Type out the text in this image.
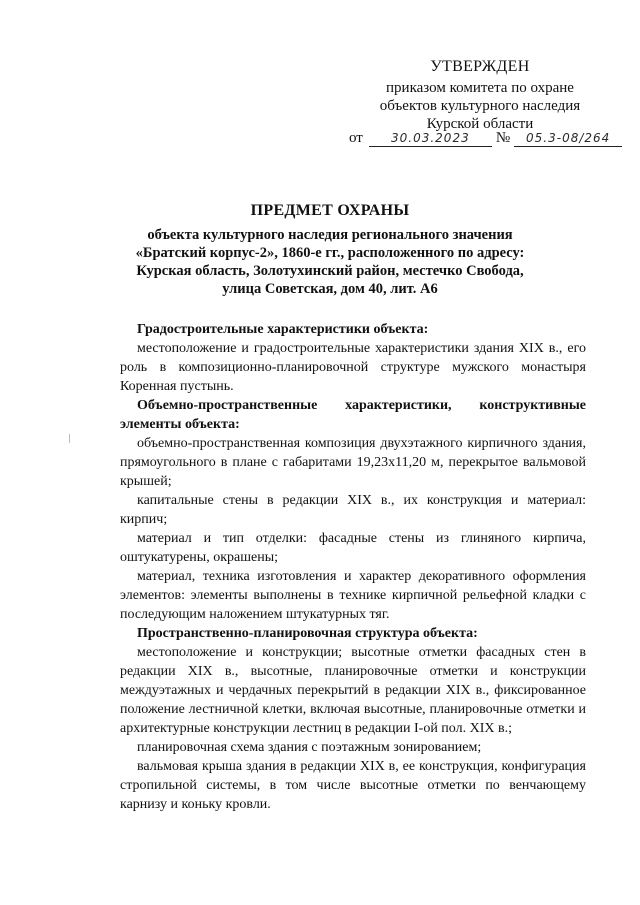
УТВЕРЖДЕН
приказом комитета по охране
объектов культурного наследия
Курской области
от	30.03.2023	№	05.3-08/264
ПРЕДМЕТ ОХРАНЫ
объекта культурного наследия регионального значения
«Братский корпус-2», 1860-е гг., расположенного по адресу:
Курская область, Золотухинский район, местечко Свобода,
улица Советская, дом 40, лит. А6

Градостроительные характеристики объекта:

местоположение и градостроительные характеристики здания XIX в., его роль в композиционно-планировочной структуре мужского монастыря Коренная пустынь.

Объемно-пространственные характеристики, конструктивные элементы объекта:

объемно-пространственная композиция двухэтажного кирпичного здания, прямоугольного в плане с габаритами 19,23х11,20 м, перекрытое вальмовой крышей;

капитальные стены в редакции XIX в., их конструкция и материал: кирпич;

материал и тип отделки: фасадные стены из глиняного кирпича, оштукатурены, окрашены;

материал, техника изготовления и характер декоративного оформления элементов: элементы выполнены в технике кирпичной рельефной кладки с последующим наложением штукатурных тяг.

Пространственно-планировочная структура объекта:

местоположение и конструкции; высотные отметки фасадных стен в редакции XIX в., высотные, планировочные отметки и конструкции междуэтажных и чердачных перекрытий в редакции XIX в., фиксированное положение лестничной клетки, включая высотные, планировочные отметки и архитектурные конструкции лестниц в редакции I-ой пол. XIX в.;

планировочная схема здания с поэтажным зонированием;

вальмовая крыша здания в редакции XIX в, ее конструкция, конфигурация стропильной системы, в том числе высотные отметки по венчающему карнизу и коньку кровли.
